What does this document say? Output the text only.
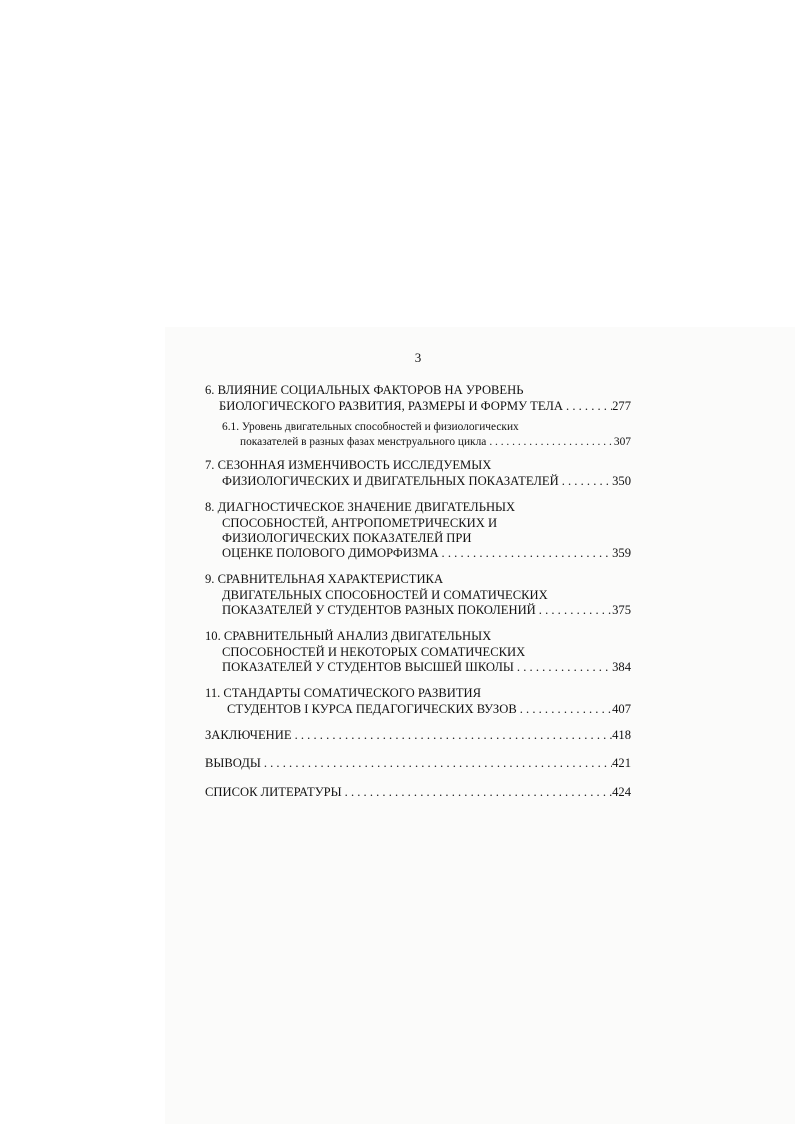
3
6. ВЛИЯНИЕ СОЦИАЛЬНЫХ ФАКТОРОВ НА УРОВЕНЬ
БИОЛОГИЧЕСКОГО РАЗВИТИЯ, РАЗМЕРЫ И ФОРМУ ТЕЛА . . .	277
6.1. Уровень двигательных способностей и физиологических
показателей в разных фазах менструального цикла . . .	307
7. СЕЗОННАЯ ИЗМЕНЧИВОСТЬ ИССЛЕДУЕМЫХ
ФИЗИОЛОГИЧЕСКИХ И ДВИГАТЕЛЬНЫХ ПОКАЗАТЕЛЕЙ . . .	350
8. ДИАГНОСТИЧЕСКОЕ ЗНАЧЕНИЕ ДВИГАТЕЛЬНЫХ
СПОСОБНОСТЕЙ, АНТРОПОМЕТРИЧЕСКИХ И
ФИЗИОЛОГИЧЕСКИХ ПОКАЗАТЕЛЕЙ ПРИ
ОЦЕНКЕ ПОЛОВОГО ДИМОРФИЗМА . . .	359
9. СРАВНИТЕЛЬНАЯ ХАРАКТЕРИСТИКА
ДВИГАТЕЛЬНЫХ СПОСОБНОСТЕЙ И СОМАТИЧЕСКИХ
ПОКАЗАТЕЛЕЙ У СТУДЕНТОВ РАЗНЫХ ПОКОЛЕНИЙ . . .	375
10. СРАВНИТЕЛЬНЫЙ АНАЛИЗ ДВИГАТЕЛЬНЫХ
СПОСОБНОСТЕЙ И НЕКОТОРЫХ СОМАТИЧЕСКИХ
ПОКАЗАТЕЛЕЙ У СТУДЕНТОВ ВЫСШЕЙ ШКОЛЫ . . .	384
11. СТАНДАРТЫ СОМАТИЧЕСКОГО РАЗВИТИЯ
СТУДЕНТОВ I КУРСА ПЕДАГОГИЧЕСКИХ ВУЗОВ . . .	407
ЗАКЛЮЧЕНИЕ . . .	418
ВЫВОДЫ . . .	421
СПИСОК ЛИТЕРАТУРЫ . . .	424
